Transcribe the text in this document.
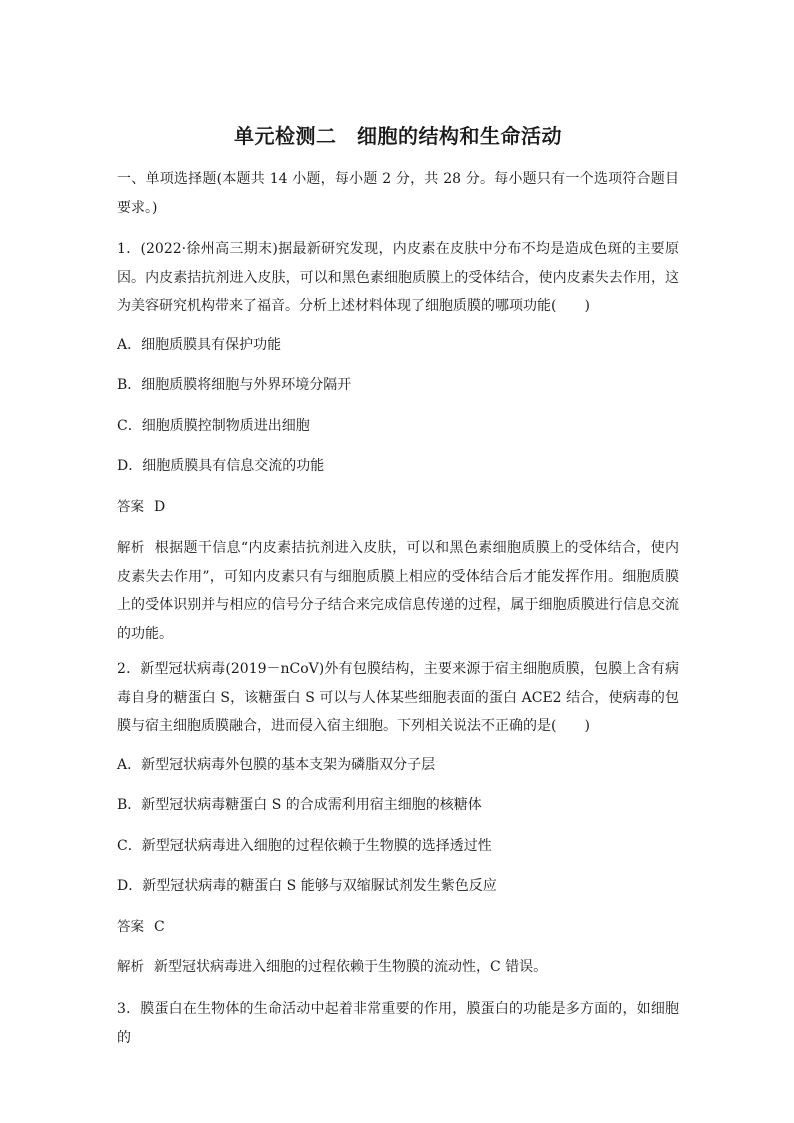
单元检测二　细胞的结构和生命活动
一、单项选择题(本题共 14 小题，每小题 2 分，共 28 分。每小题只有一个选项符合题目要求。)
1．(2022·徐州高三期末)据最新研究发现，内皮素在皮肤中分布不均是造成色斑的主要原因。内皮素拮抗剂进入皮肤，可以和黑色素细胞质膜上的受体结合，使内皮素失去作用，这为美容研究机构带来了福音。分析上述材料体现了细胞质膜的哪项功能(　　)
A．细胞质膜具有保护功能
B．细胞质膜将细胞与外界环境分隔开
C．细胞质膜控制物质进出细胞
D．细胞质膜具有信息交流的功能
答案 D
解析 根据题干信息“内皮素拮抗剂进入皮肤，可以和黑色素细胞质膜上的受体结合，使内皮素失去作用”，可知内皮素只有与细胞质膜上相应的受体结合后才能发挥作用。细胞质膜上的受体识别并与相应的信号分子结合来完成信息传递的过程，属于细胞质膜进行信息交流的功能。
2．新型冠状病毒(2019－nCoV)外有包膜结构，主要来源于宿主细胞质膜，包膜上含有病毒自身的糖蛋白 S，该糖蛋白 S 可以与人体某些细胞表面的蛋白 ACE2 结合，使病毒的包膜与宿主细胞质膜融合，进而侵入宿主细胞。下列相关说法不正确的是(　　)
A．新型冠状病毒外包膜的基本支架为磷脂双分子层
B．新型冠状病毒糖蛋白 S 的合成需利用宿主细胞的核糖体
C．新型冠状病毒进入细胞的过程依赖于生物膜的选择透过性
D．新型冠状病毒的糖蛋白 S 能够与双缩脲试剂发生紫色反应
答案 C
解析 新型冠状病毒进入细胞的过程依赖于生物膜的流动性，C 错误。
3．膜蛋白在生物体的生命活动中起着非常重要的作用，膜蛋白的功能是多方面的，如细胞的
